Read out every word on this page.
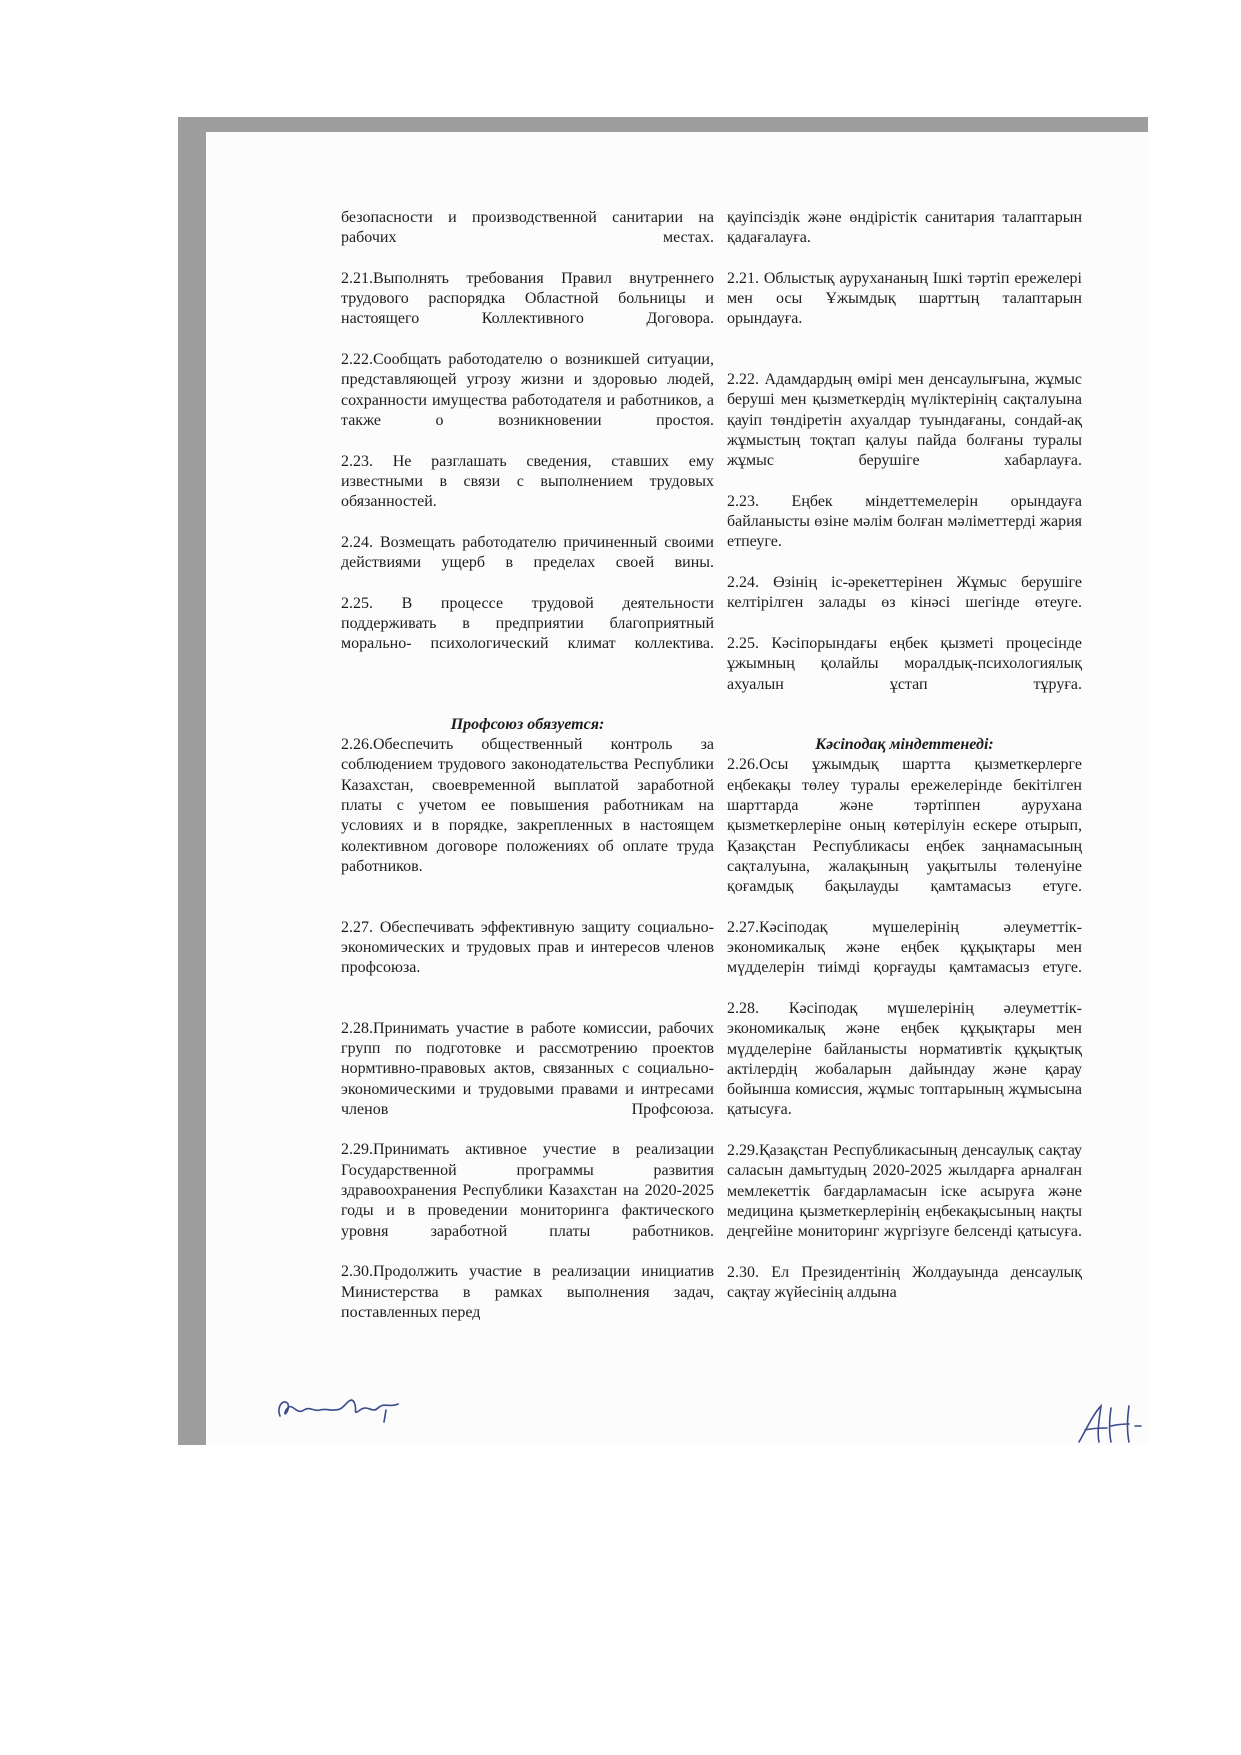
безопасности и производственной санитарии на рабочих местах.

2.21.Выполнять требования Правил внутреннего трудового распорядка Областной больницы и настоящего Коллективного Договора.

2.22.Сообщать работодателю о возникшей ситуации, представляющей угрозу жизни и здоровью людей, сохранности имущества работодателя и работников, а также о возникновении простоя.

2.23. Не разглашать сведения, ставших ему известными в связи с выполнением трудовых обязанностей.

2.24. Возмещать работодателю причиненный своими действиями ущерб в пределах своей вины.

2.25. В процессе трудовой деятельности поддерживать в предприятии благоприятный морально- психологический климат коллектива.

Профсоюз обязуется:

2.26.Обеспечить общественный контроль за соблюдением трудового законодательства Республики Казахстан, своевременной выплатой заработной платы с учетом ее повышения работникам на условиях и в порядке, закрепленных в настоящем колективном договоре положениях об оплате труда работников.

2.27. Обеспечивать эффективную защиту социально-экономических и трудовых прав и интересов членов профсоюза.

2.28.Принимать участие в работе комиссии, рабочих групп по подготовке и рассмотрению проектов нормтивно-правовых актов, связанных с социально-экономическими и трудовыми правами и интресами членов Профсоюза.

2.29.Принимать активное учестие в реализации Государственной программы развития здравоохранения Республики Казахстан на 2020-2025 годы и в проведении мониторинга фактического уровня заработной платы работников.

2.30.Продолжить участие в реализации инициатив Министерства в рамках выполнения задач, поставленных перед

қауіпсіздік және өндірістік санитария талаптарын қадағалауға.

2.21. Облыстық аурухананың Ішкі тәртіп ережелері мен осы Ұжымдық шарттың талаптарын орындауға.

2.22. Адамдардың өмірі мен денсаулығына, жұмыс беруші мен қызметкердің мүліктерінің сақталуына қауіп төндіретін ахуалдар туындағаны, сондай-ақ жұмыстың тоқтап қалуы пайда болғаны туралы жұмыс берушіге хабарлауға.

2.23. Еңбек міндеттемелерін орындауға байланысты өзіне мәлім болған мәліметтерді жария етпеуге.

2.24. Өзінің іс-әрекеттерінен Жұмыс берушіге келтірілген залады өз кінәсі шегінде өтеуге.

2.25. Кәсіпорындағы еңбек қызметі процесінде ұжымның қолайлы моралдық-психологиялық ахуалын ұстап тұруға.

Кәсіподақ міндеттенеді:

2.26.Осы ұжымдық шартта қызметкерлерге еңбекақы төлеу туралы ережелерінде бекітілген шарттарда және тәртіппен аурухана қызметкерлеріне оның көтерілуін ескере отырып, Қазақстан Республикасы еңбек заңнамасының сақталуына, жалақының уақытылы төленуіне қоғамдық бақылауды қамтамасыз етуге.

2.27.Кәсіподақ мүшелерінің әлеуметтік-экономикалық және еңбек құқықтары мен мүдделерін тиімді қорғауды қамтамасыз етуге.

2.28. Кәсіподақ мүшелерінің әлеуметтік-экономикалық және еңбек құқықтары мен мүдделеріне байланысты нормативтік құқықтық актілердің жобаларын дайындау және қарау бойынша комиссия, жұмыс топтарының жұмысына қатысуға.

2.29.Қазақстан Республикасының денсаулық сақтау саласын дамытудың 2020-2025 жылдарға арналған мемлекеттік бағдарламасын іске асыруға және медицина қызметкерлерінің еңбекақысының нақты деңгейіне мониторинг жүргізуге белсенді қатысуға.

2.30. Ел Президентінің Жолдауында денсаулық сақтау жүйесінің алдына
